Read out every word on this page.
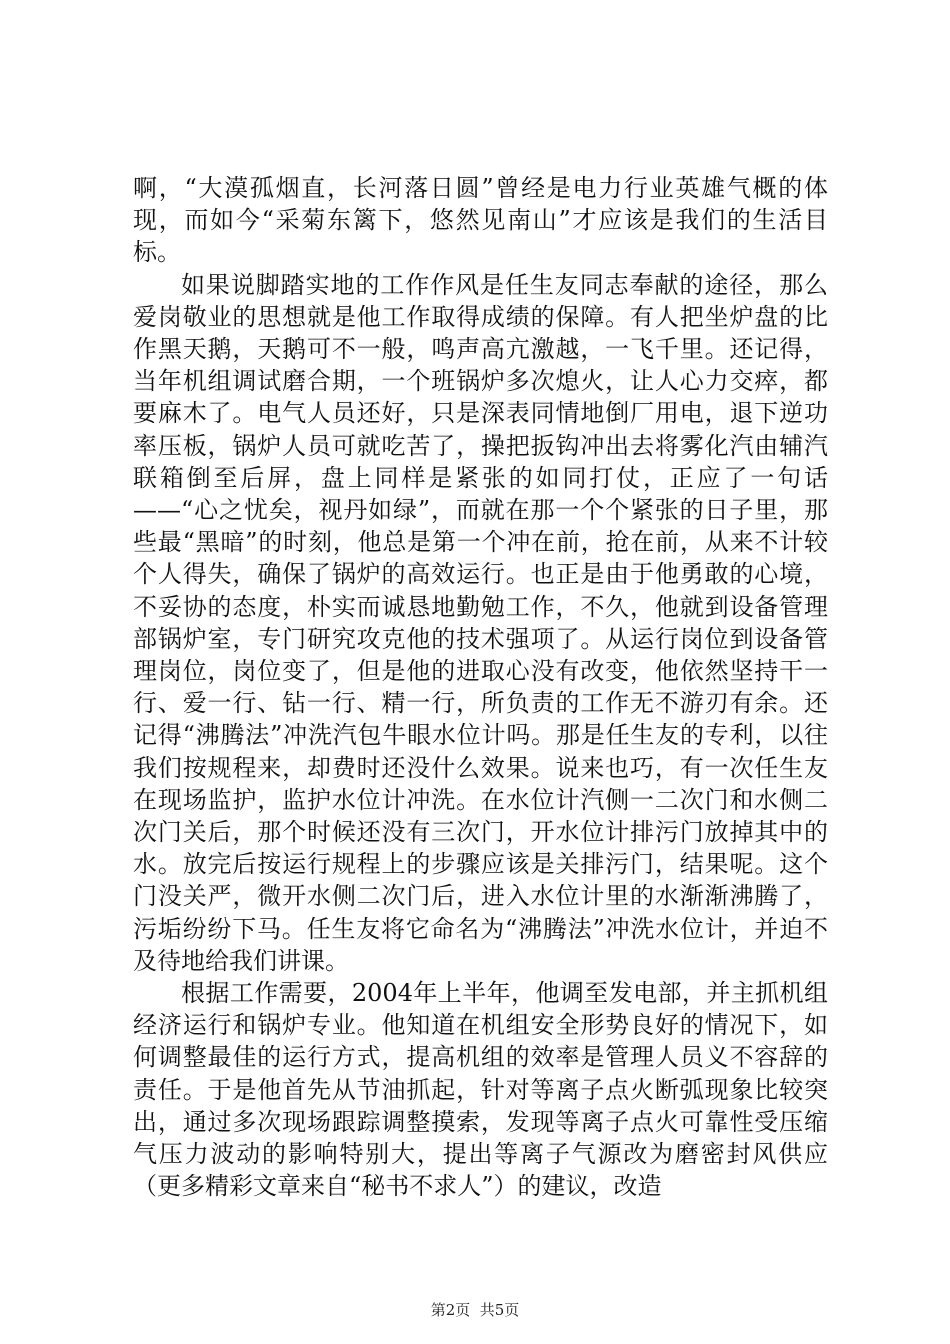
啊，“大漠孤烟直，长河落日圆”曾经是电力行业英雄气概的体现，而如今“采菊东篱下，悠然见南山”才应该是我们的生活目标。

如果说脚踏实地的工作作风是任生友同志奉献的途径，那么爱岗敬业的思想就是他工作取得成绩的保障。有人把坐炉盘的比作黑天鹅，天鹅可不一般，鸣声高亢激越，一飞千里。还记得，当年机组调试磨合期，一个班锅炉多次熄火，让人心力交瘁，都要麻木了。电气人员还好，只是深表同情地倒厂用电，退下逆功率压板，锅炉人员可就吃苦了，操把扳钩冲出去将雾化汽由辅汽联箱倒至后屏，盘上同样是紧张的如同打仗，正应了一句话——“心之忧矣，视丹如绿”，而就在那一个个紧张的日子里，那些最“黑暗”的时刻，他总是第一个冲在前，抢在前，从来不计较个人得失，确保了锅炉的高效运行。也正是由于他勇敢的心境，不妥协的态度，朴实而诚恳地勤勉工作，不久，他就到设备管理部锅炉室，专门研究攻克他的技术强项了。从运行岗位到设备管理岗位，岗位变了，但是他的进取心没有改变，他依然坚持干一行、爱一行、钻一行、精一行，所负责的工作无不游刃有余。还记得“沸腾法”冲洗汽包牛眼水位计吗。那是任生友的专利，以往我们按规程来，却费时还没什么效果。说来也巧，有一次任生友在现场监护，监护水位计冲洗。在水位计汽侧一二次门和水侧二次门关后，那个时候还没有三次门，开水位计排污门放掉其中的水。放完后按运行规程上的步骤应该是关排污门，结果呢。这个门没关严，微开水侧二次门后，进入水位计里的水渐渐沸腾了，污垢纷纷下马。任生友将它命名为“沸腾法”冲洗水位计，并迫不及待地给我们讲课。

根据工作需要，2004年上半年，他调至发电部，并主抓机组经济运行和锅炉专业。他知道在机组安全形势良好的情况下，如何调整最佳的运行方式，提高机组的效率是管理人员义不容辞的责任。于是他首先从节油抓起，针对等离子点火断弧现象比较突出，通过多次现场跟踪调整摸索，发现等离子点火可靠性受压缩气压力波动的影响特别大，提出等离子气源改为磨密封风供应（更多精彩文章来自“秘书不求人”）的建议，改造

第2页  共5页
